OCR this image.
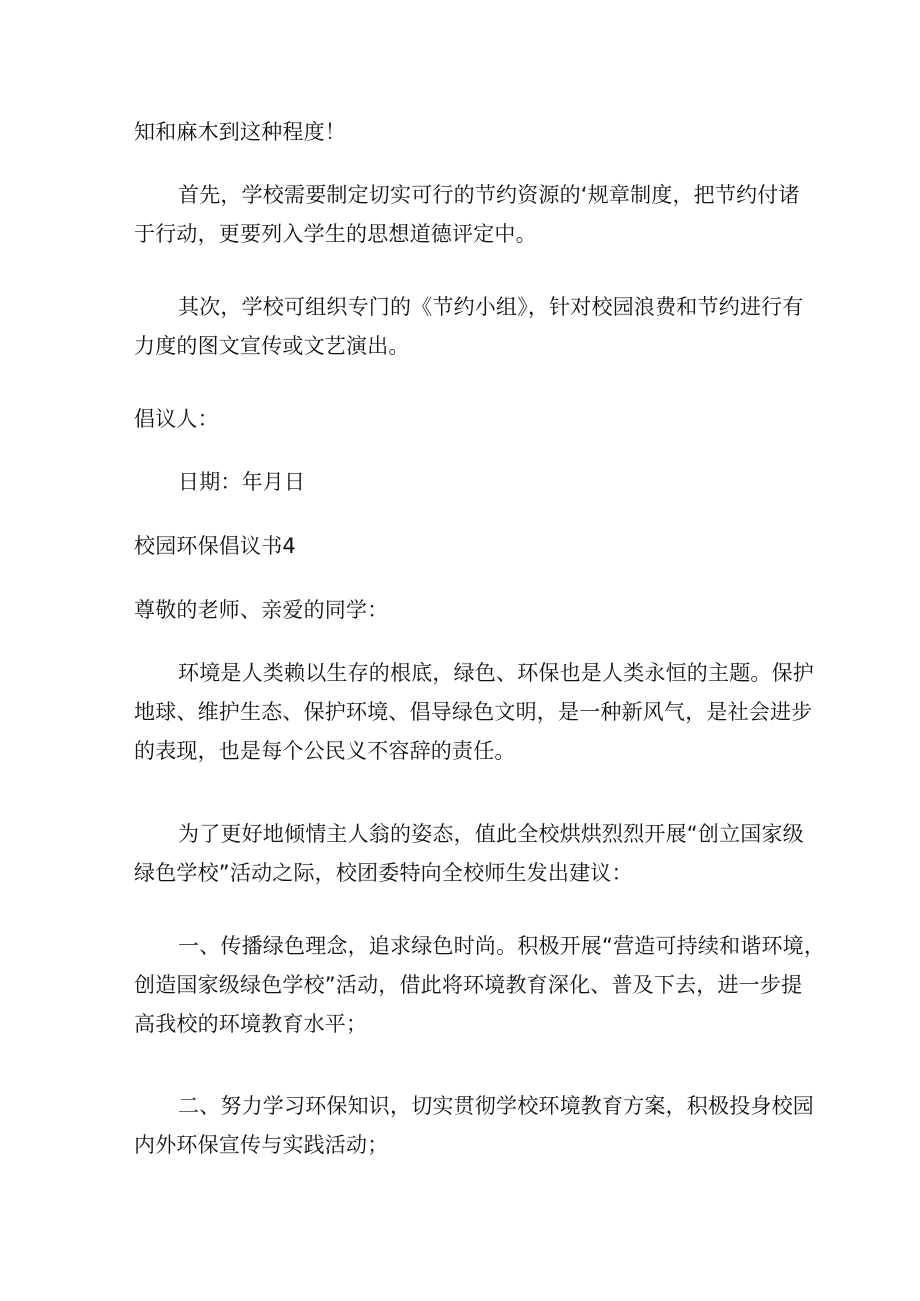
知和麻木到这种程度！

首先，学校需要制定切实可行的节约资源的‘规章制度，把节约付诸
于行动，更要列入学生的思想道德评定中。

其次，学校可组织专门的《节约小组》，针对校园浪费和节约进行有
力度的图文宣传或文艺演出。

倡议人：

日期：年月日

校园环保倡议书4

尊敬的老师、亲爱的同学：

环境是人类赖以生存的根底，绿色、环保也是人类永恒的主题。保护
地球、维护生态、保护环境、倡导绿色文明，是一种新风气，是社会进步
的表现，也是每个公民义不容辞的责任。

为了更好地倾情主人翁的姿态，值此全校烘烘烈烈开展“创立国家级
绿色学校”活动之际，校团委特向全校师生发出建议：

一、传播绿色理念，追求绿色时尚。积极开展“营造可持续和谐环境，
创造国家级绿色学校”活动，借此将环境教育深化、普及下去，进一步提
高我校的环境教育水平；

二、努力学习环保知识，切实贯彻学校环境教育方案，积极投身校园
内外环保宣传与实践活动；
